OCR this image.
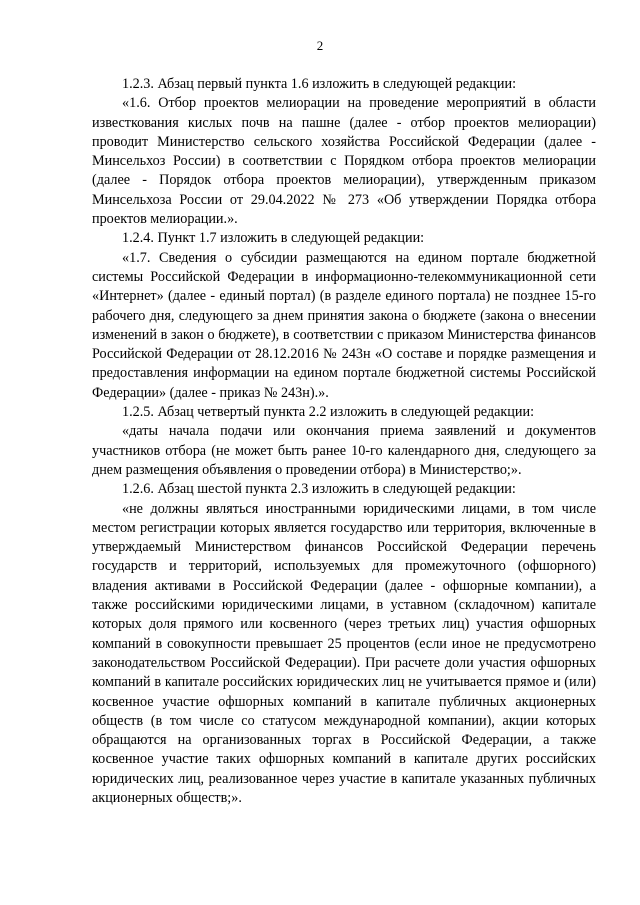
2

1.2.3. Абзац первый пункта 1.6 изложить в следующей редакции:

«1.6. Отбор проектов мелиорации на проведение мероприятий в области известкования кислых почв на пашне (далее - отбор проектов мелиорации) проводит Министерство сельского хозяйства Российской Федерации (далее - Минсельхоз России) в соответствии с Порядком отбора проектов мелиорации (далее - Порядок отбора проектов мелиорации), утвержденным приказом Минсельхоза России от 29.04.2022 № 273 «Об утверждении Порядка отбора проектов мелиорации.».

1.2.4. Пункт 1.7 изложить в следующей редакции:

«1.7. Сведения о субсидии размещаются на едином портале бюджетной системы Российской Федерации в информационно-телекоммуникационной сети «Интернет» (далее - единый портал) (в разделе единого портала) не позднее 15-го рабочего дня, следующего за днем принятия закона о бюджете (закона о внесении изменений в закон о бюджете), в соответствии с приказом Министерства финансов Российской Федерации от 28.12.2016 № 243н «О составе и порядке размещения и предоставления информации на едином портале бюджетной системы Российской Федерации» (далее - приказ № 243н).».

1.2.5. Абзац четвертый пункта 2.2 изложить в следующей редакции:

«даты начала подачи или окончания приема заявлений и документов участников отбора (не может быть ранее 10-го календарного дня, следующего за днем размещения объявления о проведении отбора) в Министерство;».

1.2.6. Абзац шестой пункта 2.3 изложить в следующей редакции:

«не должны являться иностранными юридическими лицами, в том числе местом регистрации которых является государство или территория, включенные в утверждаемый Министерством финансов Российской Федерации перечень государств и территорий, используемых для промежуточного (офшорного) владения активами в Российской Федерации (далее - офшорные компании), а также российскими юридическими лицами, в уставном (складочном) капитале которых доля прямого или косвенного (через третьих лиц) участия офшорных компаний в совокупности превышает 25 процентов (если иное не предусмотрено законодательством Российской Федерации). При расчете доли участия офшорных компаний в капитале российских юридических лиц не учитывается прямое и (или) косвенное участие офшорных компаний в капитале публичных акционерных обществ (в том числе со статусом международной компании), акции которых обращаются на организованных торгах в Российской Федерации, а также косвенное участие таких офшорных компаний в капитале других российских юридических лиц, реализованное через участие в капитале указанных публичных акционерных обществ;».
